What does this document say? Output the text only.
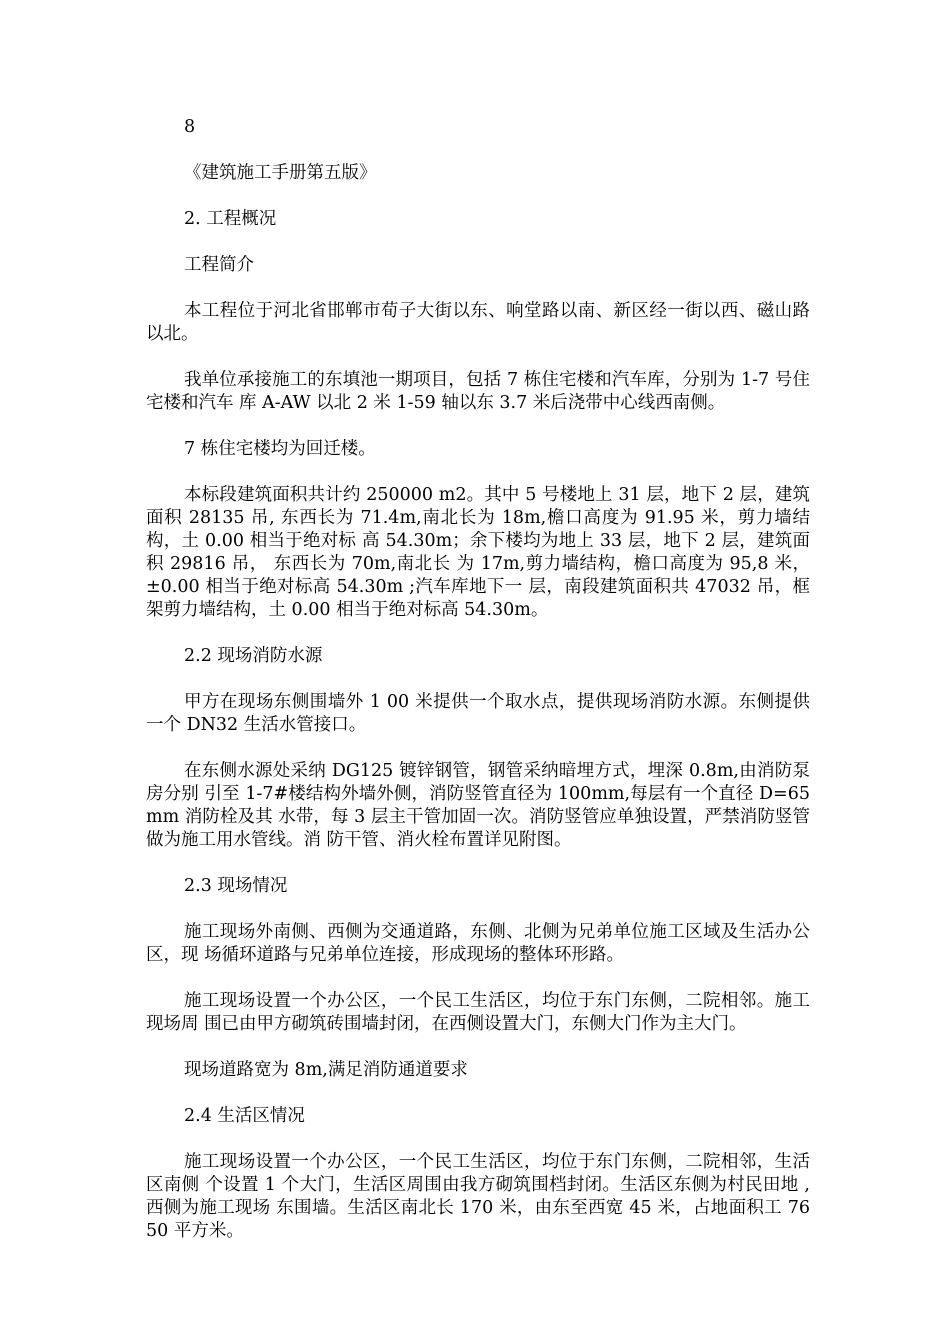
8

《建筑施工手册第五版》

2. 工程概况

工程简介

本工程位于河北省邯郸市荀子大街以东、响堂路以南、新区经一街以西、磁山路以北。

我单位承接施工的东填池一期项目，包括 7 栋住宅楼和汽车库，分别为 1-7 号住宅楼和汽车 库 A-AW 以北 2 米 1-59 轴以东 3.7 米后浇带中心线西南侧。

7 栋住宅楼均为回迁楼。

本标段建筑面积共计约 250000 m2。其中 5 号楼地上 31 层，地下 2 层，建筑面积 28135 吊, 东西长为 71.4m,南北长为 18m,檐口高度为 91.95 米，剪力墙结构，土 0.00 相当于绝对标 高 54.30m；余下楼均为地上 33 层，地下 2 层，建筑面积 29816 吊， 东西长为 70m,南北长 为 17m,剪力墙结构，檐口高度为 95,8 米，±0.00 相当于绝对标高 54.30m ;汽车库地下一 层，南段建筑面积共 47032 吊，框架剪力墙结构，土 0.00 相当于绝对标高 54.30m。

2.2 现场消防水源

甲方在现场东侧围墙外 1 00 米提供一个取水点，提供现场消防水源。东侧提供一个 DN32 生活水管接口。

在东侧水源处采纳 DG125 镀锌钢管，钢管采纳暗埋方式，埋深 0.8m,由消防泵房分别 引至 1-7#楼结构外墙外侧，消防竖管直径为 100mm,每层有一个直径 D=65mm 消防栓及其 水带，每 3 层主干管加固一次。消防竖管应单独设置，严禁消防竖管做为施工用水管线。消 防干管、消火栓布置详见附图。

2.3 现场情况

施工现场外南侧、西侧为交通道路，东侧、北侧为兄弟单位施工区域及生活办公区，现 场循环道路与兄弟单位连接，形成现场的整体环形路。

施工现场设置一个办公区，一个民工生活区，均位于东门东侧，二院相邻。施工现场周 围已由甲方砌筑砖围墙封闭，在西侧设置大门，东侧大门作为主大门。

现场道路宽为 8m,满足消防通道要求

2.4 生活区情况

施工现场设置一个办公区，一个民工生活区，均位于东门东侧，二院相邻，生活区南侧 个设置 1 个大门，生活区周围由我方砌筑围档封闭。生活区东侧为村民田地 ,西侧为施工现场 东围墙。生活区南北长 170 米，由东至西宽 45 米，占地面积工 7650 平方米。
